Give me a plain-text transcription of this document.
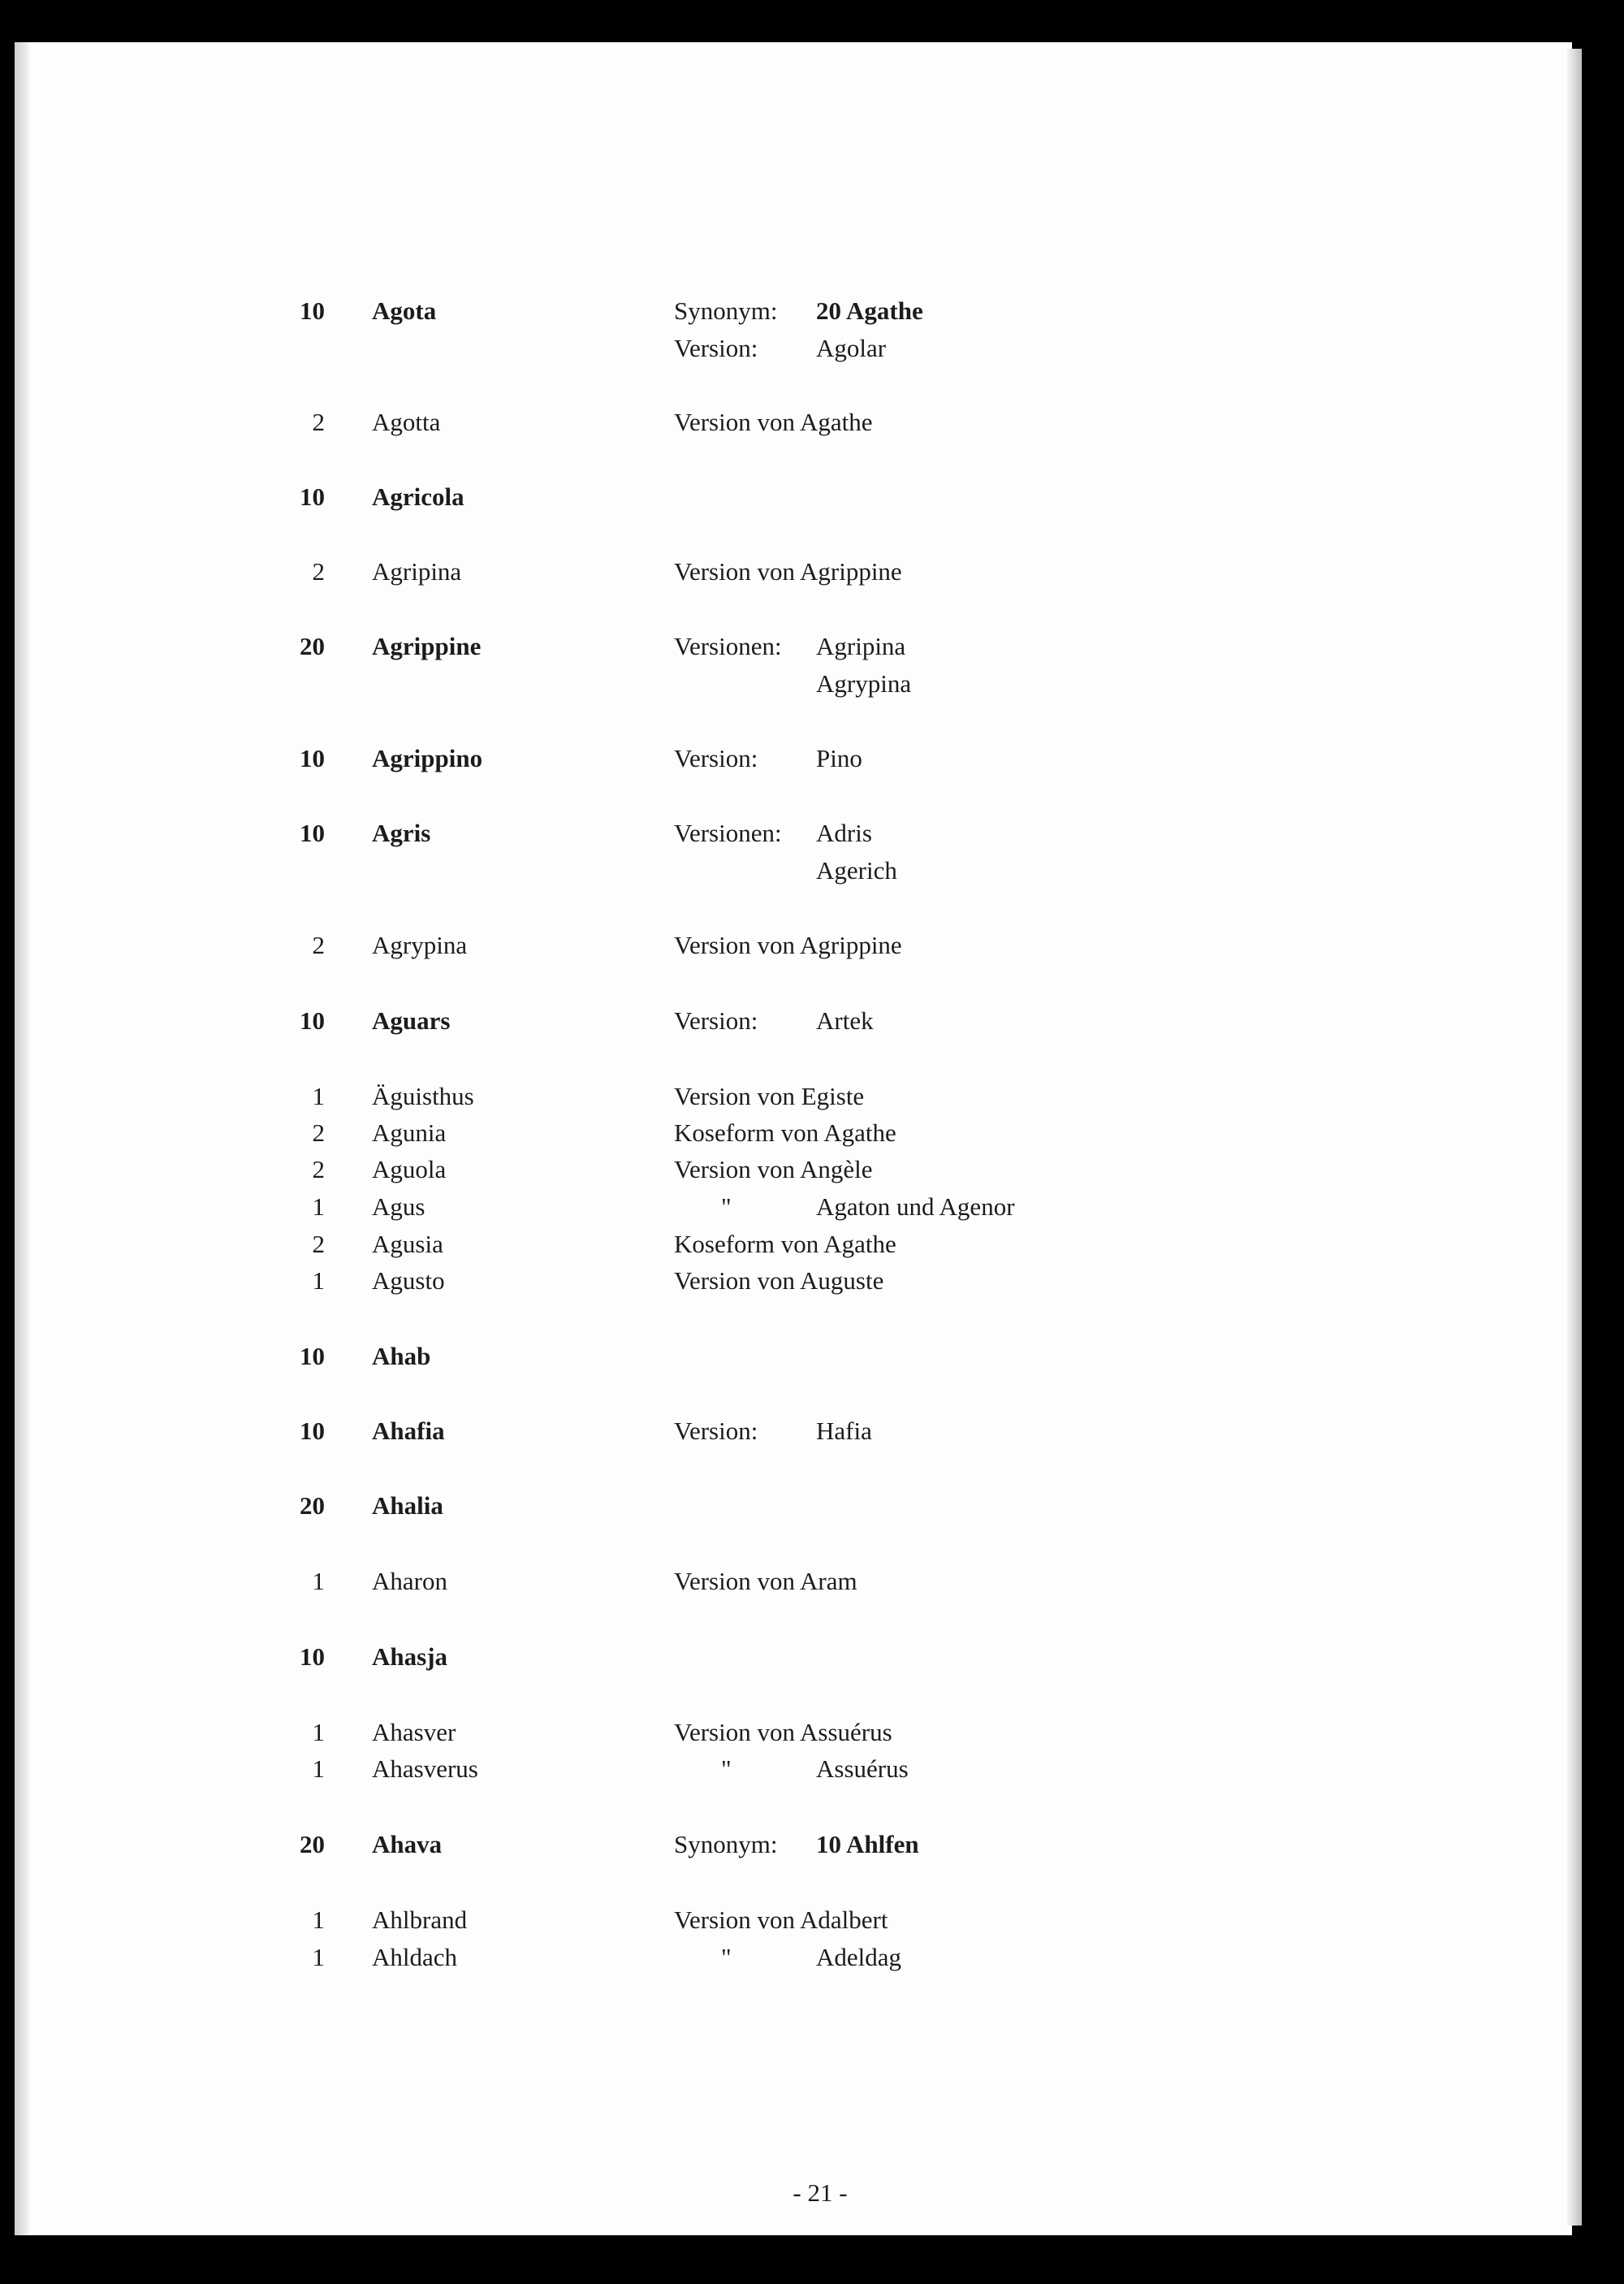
10 Agota	Synonym: 20 Agathe
Version: Agolar
2 Agotta	Version von Agathe
10 Agricola
2 Agripina	Version von Agrippine
20 Agrippine	Versionen: Agripina
Agrypina
10 Agrippino	Version: Pino
10 Agris	Versionen: Adris
Agerich
2 Agrypina	Version von Agrippine
10 Aguars	Version: Artek
1 Äguisthus	Version von Egiste
2 Agunia	Koseform von Agathe
2 Aguola	Version von Angèle
1 Agus	"	Agaton und Agenor
2 Agusia	Koseform von Agathe
1 Agusto	Version von Auguste
10 Ahab
10 Ahafia	Version: Hafia
20 Ahalia
1 Aharon	Version von Aram
10 Ahasja
1 Ahasver	Version von Assuérus
1 Ahasverus	"	Assuérus
20 Ahava	Synonym: 10 Ahlfen
1 Ahlbrand	Version von Adalbert
1 Ahldach	"	Adeldag
- 21 -
